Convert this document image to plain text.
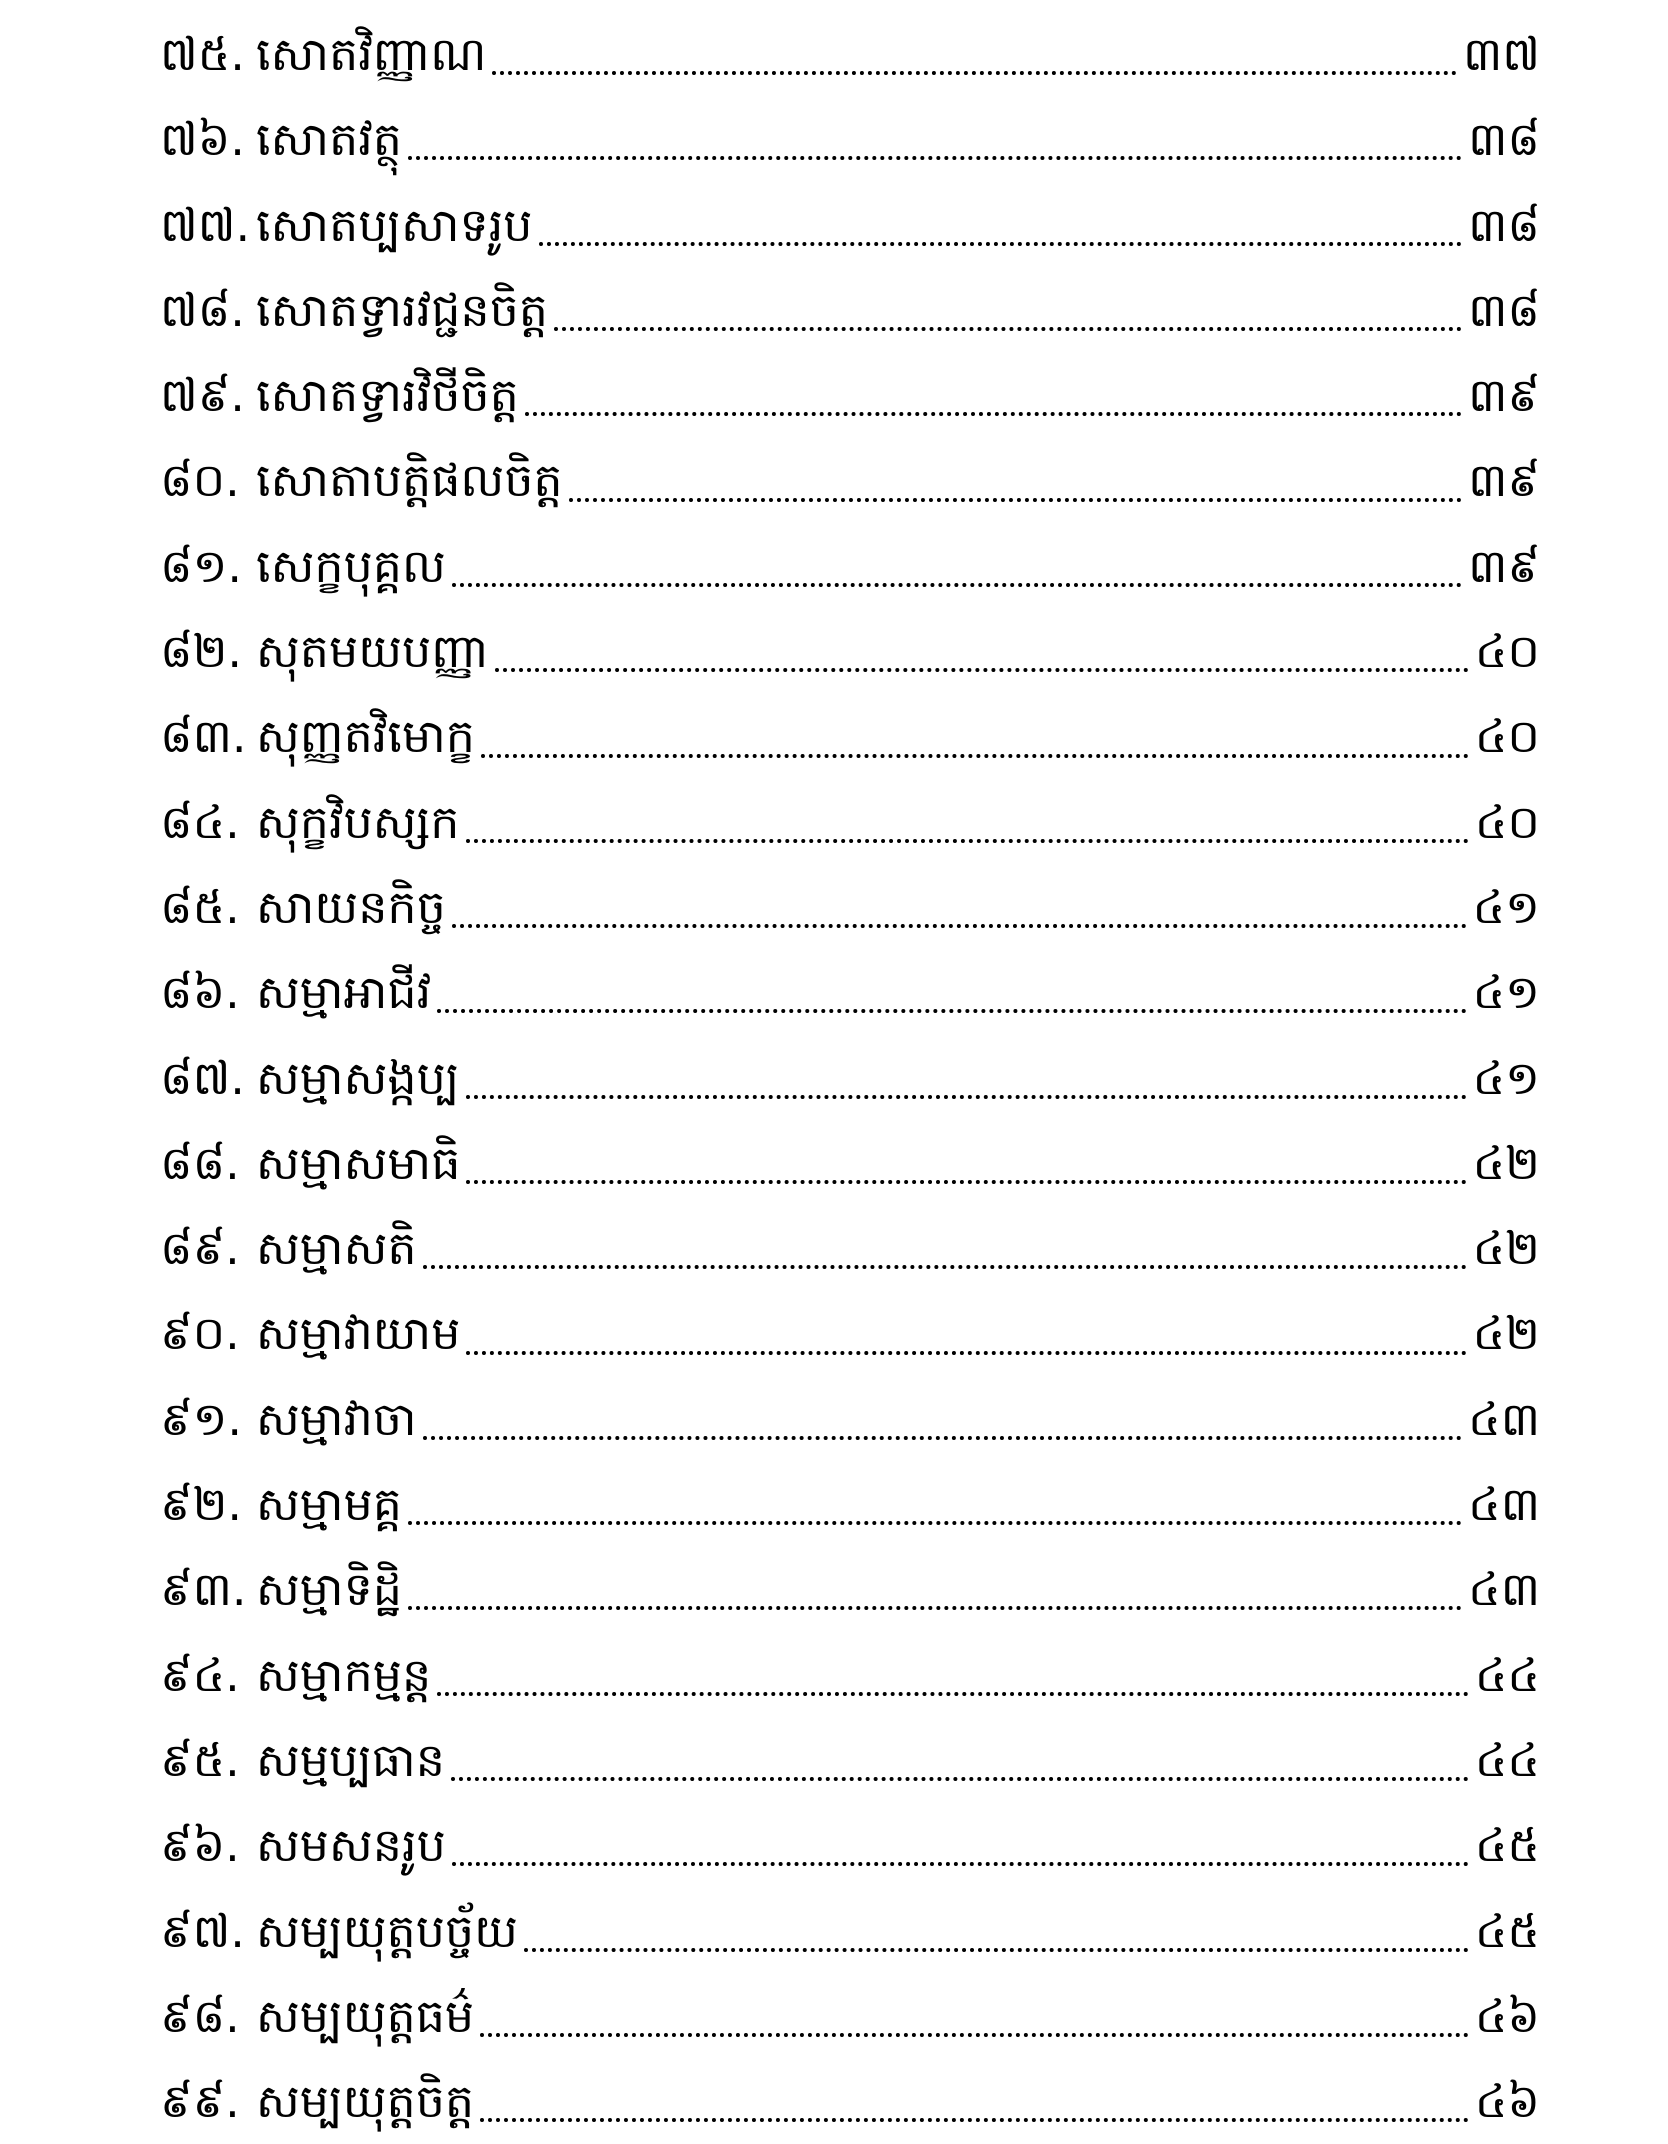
៧៥. សោតវិញ្ញាណ	៣៧
៧៦. សោតវត្ថុ	៣៨
៧៧. សោតប្បសាទរូប	៣៨
៧៨. សោតទ្វារវជ្ជនចិត្ត	៣៨
៧៩. សោតទ្វារវិថីចិត្ត	៣៩
៨០. សោតាបត្តិផលចិត្ត	៣៩
៨១. សេក្ខបុគ្គល	៣៩
៨២. សុតមយបញ្ញា	៤០
៨៣. សុញ្ញតវិមោក្ខ	៤០
៨៤. សុក្ខវិបស្សក	៤០
៨៥. សាយនកិច្ច	៤១
៨៦. សម្មាអាជីវ	៤១
៨៧. សម្មាសង្កប្ប	៤១
៨៨. សម្មាសមាធិ	៤២
៨៩. សម្មាសតិ	៤២
៩០. សម្មាវាយាម	៤២
៩១. សម្មាវាចា	៤៣
៩២. សម្មាមគ្គ	៤៣
៩៣. សម្មាទិដ្ឋិ	៤៣
៩៤. សម្មាកម្មន្ត	៤៤
៩៥. សម្មប្បធាន	៤៤
៩៦. សមសនរូប	៤៥
៩៧. សម្បយុត្តបច្ច័យ	៤៥
៩៨. សម្បយុត្តធម៌	៤៦
៩៩. សម្បយុត្តចិត្ត	៤៦
